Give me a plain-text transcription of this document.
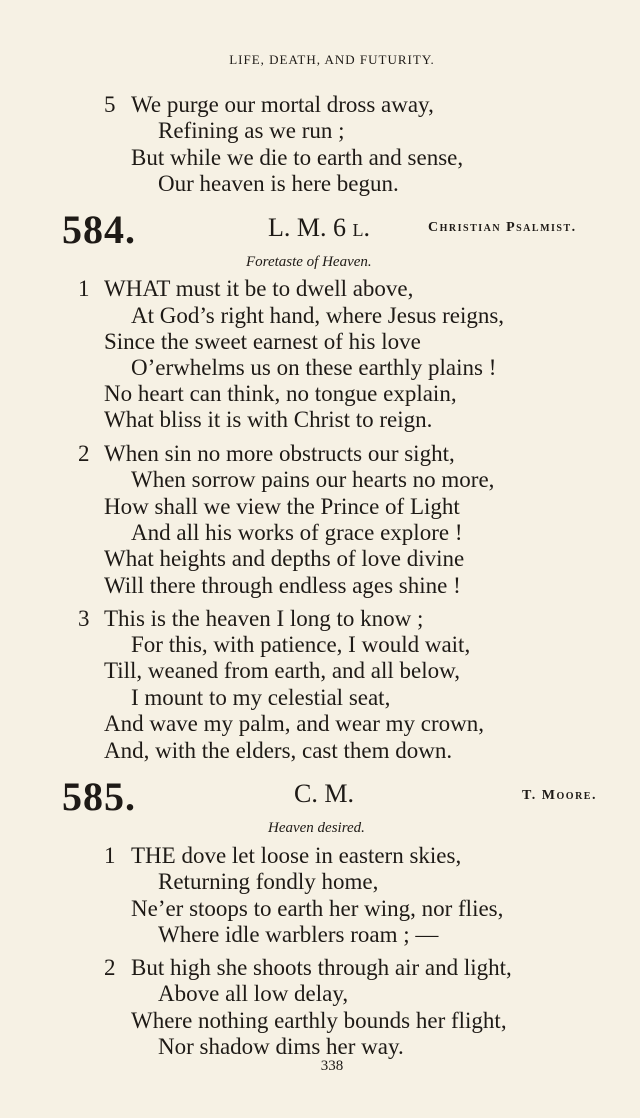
LIFE, DEATH, AND FUTURITY.
5 We purge our mortal dross away,
Refining as we run ;
But while we die to earth and sense,
Our heaven is here begun.
584.	L. M. 6 l.	Christian Psalmist.
Foretaste of Heaven.
1 WHAT must it be to dwell above,
At God’s right hand, where Jesus reigns,
Since the sweet earnest of his love
O’erwhelms us on these earthly plains !
No heart can think, no tongue explain,
What bliss it is with Christ to reign.
2 When sin no more obstructs our sight,
When sorrow pains our hearts no more,
How shall we view the Prince of Light
And all his works of grace explore !
What heights and depths of love divine
Will there through endless ages shine !
3 This is the heaven I long to know ;
For this, with patience, I would wait,
Till, weaned from earth, and all below,
I mount to my celestial seat,
And wave my palm, and wear my crown,
And, with the elders, cast them down.
585.	C. M.	T. Moore.
Heaven desired.
1 THE dove let loose in eastern skies,
Returning fondly home,
Ne’er stoops to earth her wing, nor flies,
Where idle warblers roam ; —
2 But high she shoots through air and light,
Above all low delay,
Where nothing earthly bounds her flight,
Nor shadow dims her way.
338
